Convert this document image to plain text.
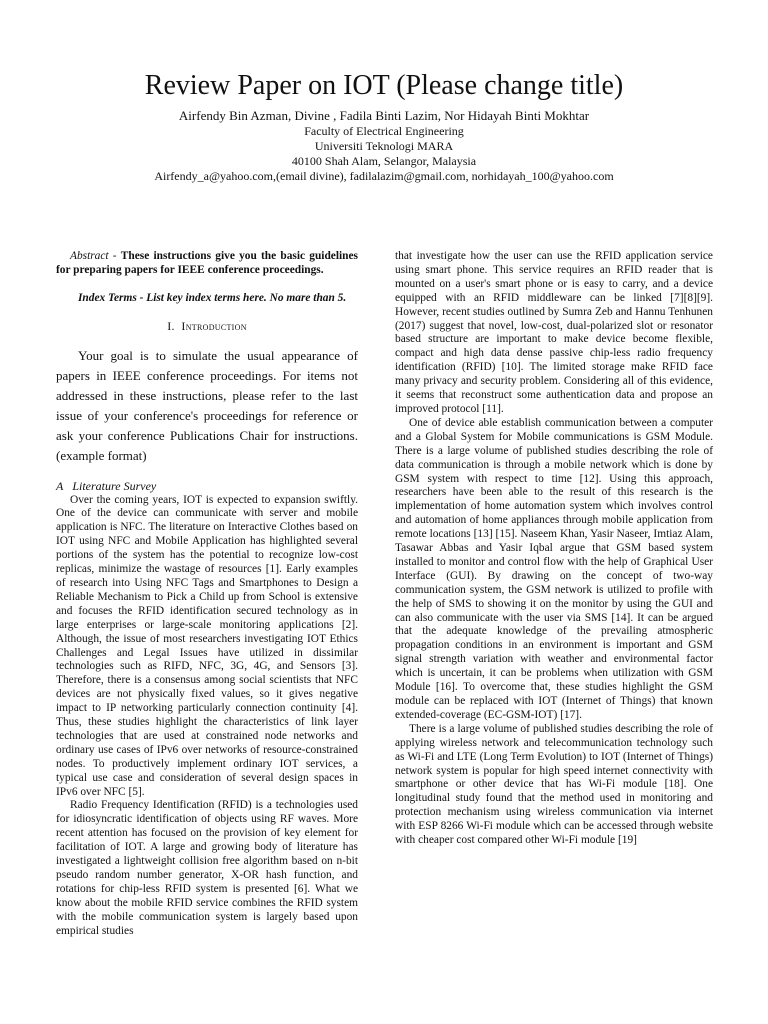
Review Paper on IOT (Please change title)
Airfendy Bin Azman, Divine , Fadila Binti Lazim, Nor Hidayah Binti Mokhtar
Faculty of Electrical Engineering
Universiti Teknologi MARA
40100 Shah Alam, Selangor, Malaysia
Airfendy_a@yahoo.com,(email divine), fadilalazim@gmail.com, norhidayah_100@yahoo.com

Abstract - These instructions give you the basic guidelines for preparing papers for IEEE conference proceedings.

Index Terms - List key index terms here. No mare than 5.

I. Introduction

Your goal is to simulate the usual appearance of papers in IEEE conference proceedings. For items not addressed in these instructions, please refer to the last issue of your conference's proceedings for reference or ask your conference Publications Chair for instructions. (example format)

A Literature Survey

Over the coming years, IOT is expected to expansion swiftly. One of the device can communicate with server and mobile application is NFC. The literature on Interactive Clothes based on IOT using NFC and Mobile Application has highlighted several portions of the system has the potential to recognize low-cost replicas, minimize the wastage of resources [1]. Early examples of research into Using NFC Tags and Smartphones to Design a Reliable Mechanism to Pick a Child up from School is extensive and focuses the RFID identification secured technology as in large enterprises or large-scale monitoring applications [2]. Although, the issue of most researchers investigating IOT Ethics Challenges and Legal Issues have utilized in dissimilar technologies such as RIFD, NFC, 3G, 4G, and Sensors [3]. Therefore, there is a consensus among social scientists that NFC devices are not physically fixed values, so it gives negative impact to IP networking particularly connection continuity [4]. Thus, these studies highlight the characteristics of link layer technologies that are used at constrained node networks and ordinary use cases of IPv6 over networks of resource-constrained nodes. To productively implement ordinary IOT services, a typical use case and consideration of several design spaces in IPv6 over NFC [5].

Radio Frequency Identification (RFID) is a technologies used for idiosyncratic identification of objects using RF waves. More recent attention has focused on the provision of key element for facilitation of IOT. A large and growing body of literature has investigated a lightweight collision free algorithm based on n-bit pseudo random number generator, X-OR hash function, and rotations for chip-less RFID system is presented [6]. What we know about the mobile RFID service combines the RFID system with the mobile communication system is largely based upon empirical studies

that investigate how the user can use the RFID application service using smart phone. This service requires an RFID reader that is mounted on a user's smart phone or is easy to carry, and a device equipped with an RFID middleware can be linked [7][8][9]. However, recent studies outlined by Sumra Zeb and Hannu Tenhunen (2017) suggest that novel, low-cost, dual-polarized slot or resonator based structure are important to make device become flexible, compact and high data dense passive chip-less radio frequency identification (RFID) [10]. The limited storage make RFID face many privacy and security problem. Considering all of this evidence, it seems that reconstruct some authentication data and propose an improved protocol [11].

One of device able establish communication between a computer and a Global System for Mobile communications is GSM Module. There is a large volume of published studies describing the role of data communication is through a mobile network which is done by GSM system with respect to time [12]. Using this approach, researchers have been able to the result of this research is the implementation of home automation system which involves control and automation of home appliances through mobile application from remote locations [13] [15]. Naseem Khan, Yasir Naseer, Imtiaz Alam, Tasawar Abbas and Yasir Iqbal argue that GSM based system installed to monitor and control flow with the help of Graphical User Interface (GUI). By drawing on the concept of two-way communication system, the GSM network is utilized to profile with the help of SMS to showing it on the monitor by using the GUI and can also communicate with the user via SMS [14]. It can be argued that the adequate knowledge of the prevailing atmospheric propagation conditions in an environment is important and GSM signal strength variation with weather and environmental factor which is uncertain, it can be problems when utilization with GSM Module [16]. To overcome that, these studies highlight the GSM module can be replaced with IOT (Internet of Things) that known extended-coverage (EC-GSM-IOT) [17].

There is a large volume of published studies describing the role of applying wireless network and telecommunication technology such as Wi-Fi and LTE (Long Term Evolution) to IOT (Internet of Things) network system is popular for high speed internet connectivity with smartphone or other device that has Wi-Fi module [18]. One longitudinal study found that the method used in monitoring and protection mechanism using wireless communication via internet with ESP 8266 Wi-Fi module which can be accessed through website with cheaper cost compared other Wi-Fi module [19]
